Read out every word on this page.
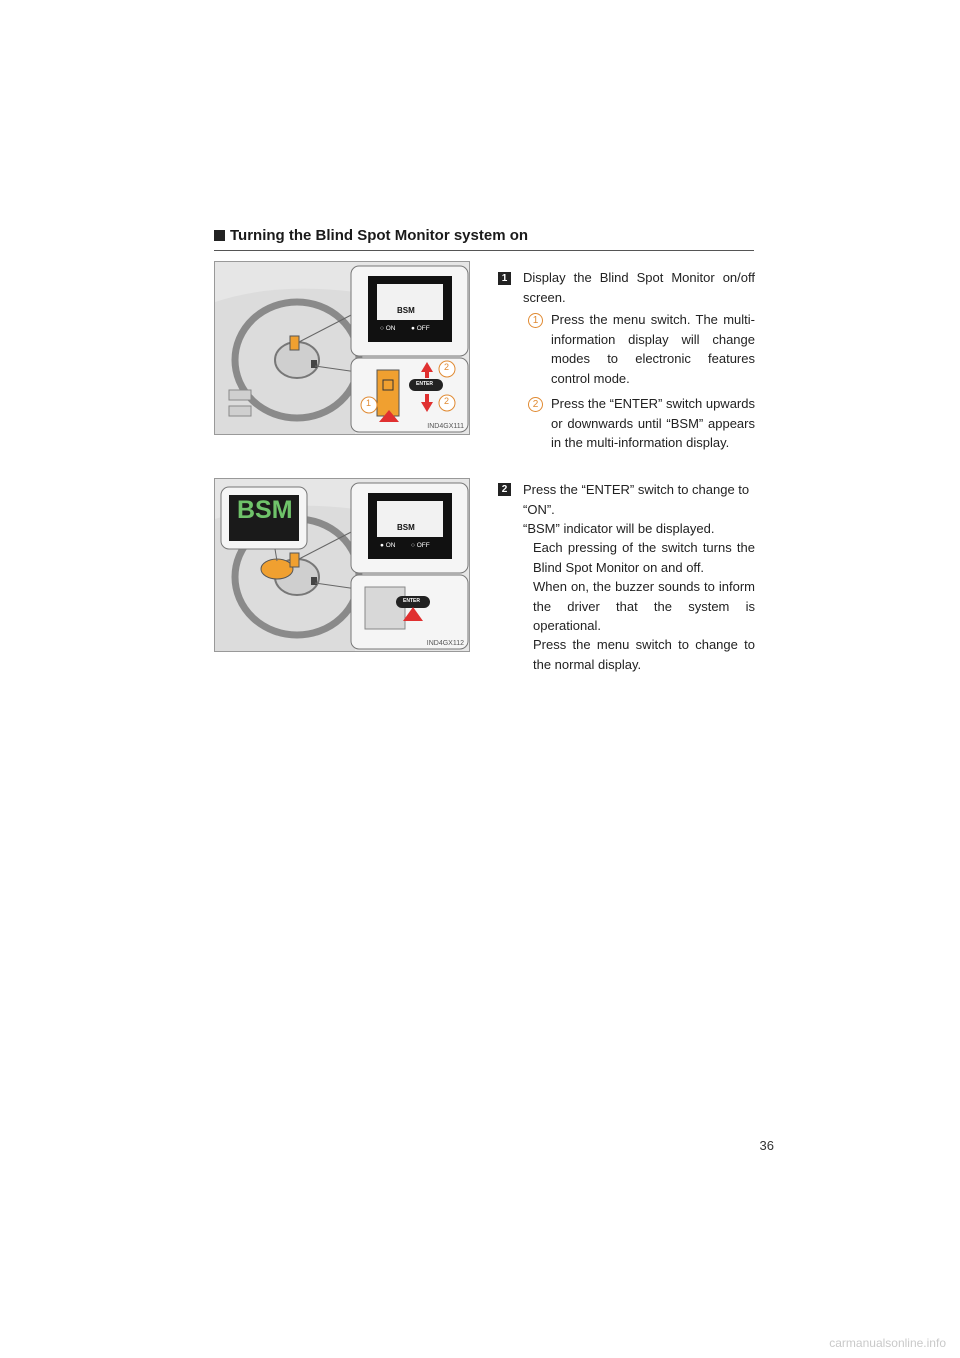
Turning the Blind Spot Monitor system on
BSM
○ ON ● OFF
ENTER
1
2
2
IND4GX111
1 Display the Blind Spot Monitor on/off screen.
1 Press the menu switch. The multi-information display will change modes to electronic features control mode.
2 Press the “ENTER” switch upwards or downwards until “BSM” appears in the multi-information display.
BSM
BSM
● ON ○ OFF
ENTER
IND4GX112
2 Press the “ENTER” switch to change to “ON”.
“BSM” indicator will be displayed.
Each pressing of the switch turns the Blind Spot Monitor on and off.
When on, the buzzer sounds to inform the driver that the system is operational.
Press the menu switch to change to the normal display.
36
carmanualsonline.info
